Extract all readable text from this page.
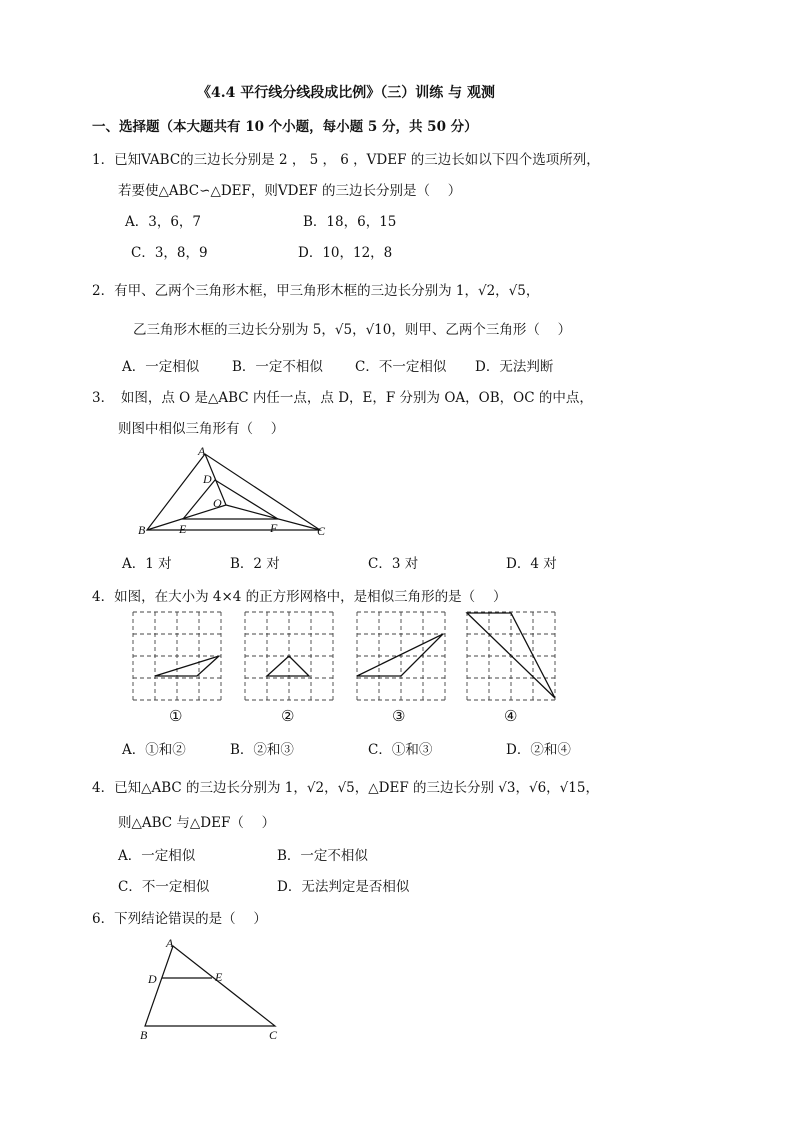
《4.4 平行线分线段成比例》（三）训练 与 观测
一、选择题（本大题共有 10 个小题，每小题 5 分，共 50 分）
1．已知VABC的三边长分别是 2 ， 5 ， 6 ，VDEF 的三边长如以下四个选项所列，
若要使△ABC∽△DEF，则VDEF 的三边长分别是（　 ）
A．3，6，7	B．18，6，15
C．3，8，9	D．10，12，8
2．有甲、乙两个三角形木框，甲三角形木框的三边长分别为 1，√2，√5，
乙三角形木框的三边长分别为 5，√5，√10，则甲、乙两个三角形（　 ）
A．一定相似 B．一定不相似 C．不一定相似 D．无法判断
3．　如图，点 O 是△ABC 内任一点，点 D，E，F 分别为 OA，OB，OC 的中点，
则图中相似三角形有（　 ）
A
D
O
B	E	F	C
A．1 对	B．2 对	C．3 对	D．4 对
4．如图，在大小为 4×4 的正方形网格中，是相似三角形的是（　 ）
①	②	③	④
A．①和②	B．②和③	C．①和③	D．②和④
4．已知△ABC 的三边长分别为 1，√2，√5，△DEF 的三边长分别 √3，√6，√15，
则△ABC 与△DEF（　 ）
A．一定相似	B．一定不相似
C．不一定相似	D．无法判定是否相似
6．下列结论错误的是（　 ）
A
D	E
B	C
